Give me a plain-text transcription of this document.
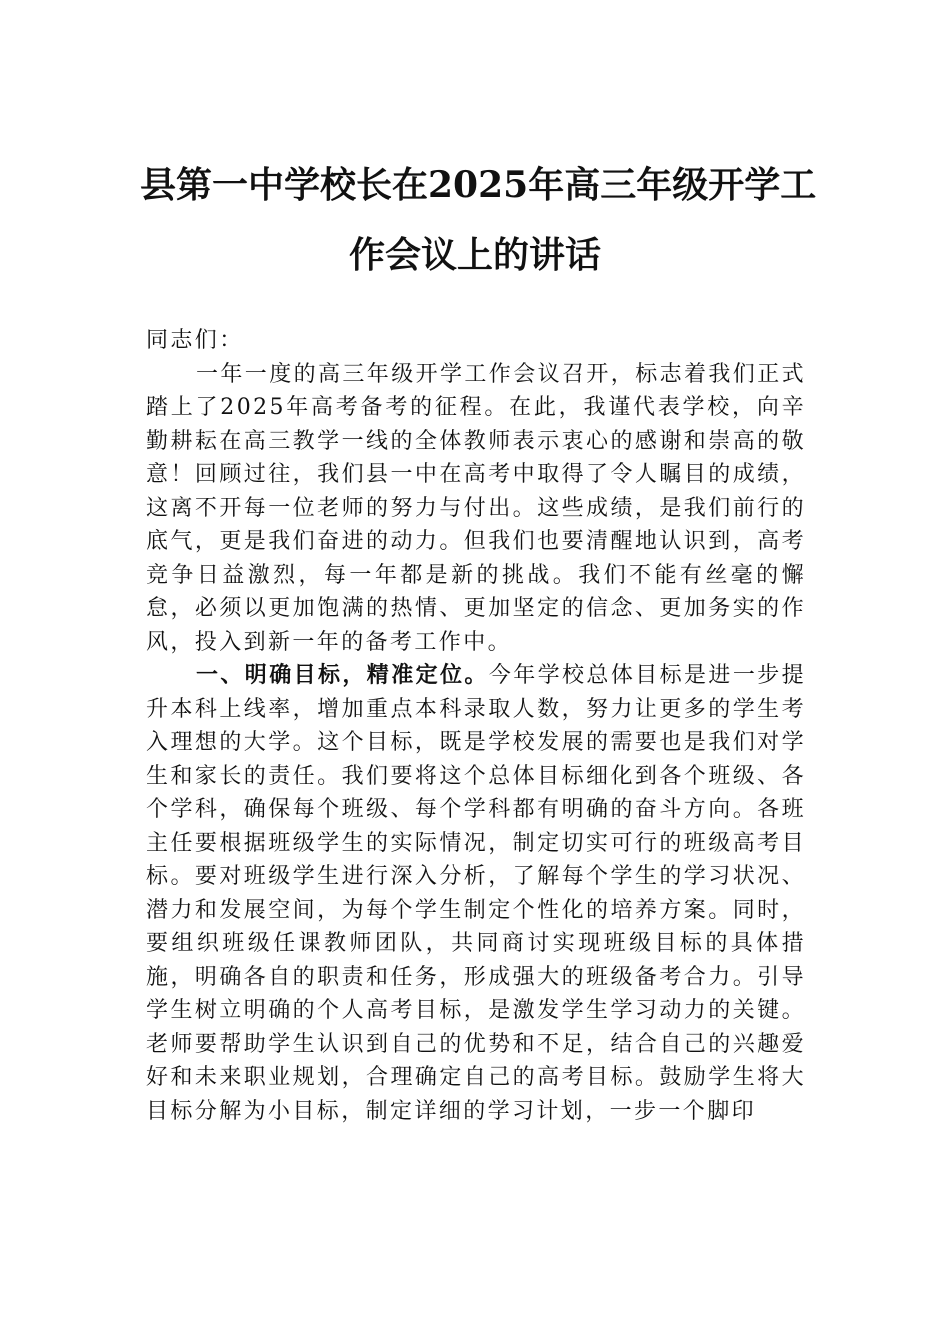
县第一中学校长在2025年高三年级开学工
作会议上的讲话

同志们：

一年一度的高三年级开学工作会议召开，标志着我们正式踏上了2025年高考备考的征程。在此，我谨代表学校，向辛勤耕耘在高三教学一线的全体教师表示衷心的感谢和崇高的敬意！回顾过往，我们县一中在高考中取得了令人瞩目的成绩，这离不开每一位老师的努力与付出。这些成绩，是我们前行的底气，更是我们奋进的动力。但我们也要清醒地认识到，高考竞争日益激烈，每一年都是新的挑战。我们不能有丝毫的懈怠，必须以更加饱满的热情、更加坚定的信念、更加务实的作风，投入到新一年的备考工作中。

一、明确目标，精准定位。今年学校总体目标是进一步提升本科上线率，增加重点本科录取人数，努力让更多的学生考入理想的大学。这个目标，既是学校发展的需要也是我们对学生和家长的责任。我们要将这个总体目标细化到各个班级、各个学科，确保每个班级、每个学科都有明确的奋斗方向。各班主任要根据班级学生的实际情况，制定切实可行的班级高考目标。要对班级学生进行深入分析，了解每个学生的学习状况、潜力和发展空间，为每个学生制定个性化的培养方案。同时，要组织班级任课教师团队，共同商讨实现班级目标的具体措施，明确各自的职责和任务，形成强大的班级备考合力。引导学生树立明确的个人高考目标，是激发学生学习动力的关键。老师要帮助学生认识到自己的优势和不足，结合自己的兴趣爱好和未来职业规划，合理确定自己的高考目标。鼓励学生将大目标分解为小目标，制定详细的学习计划，一步一个脚印
